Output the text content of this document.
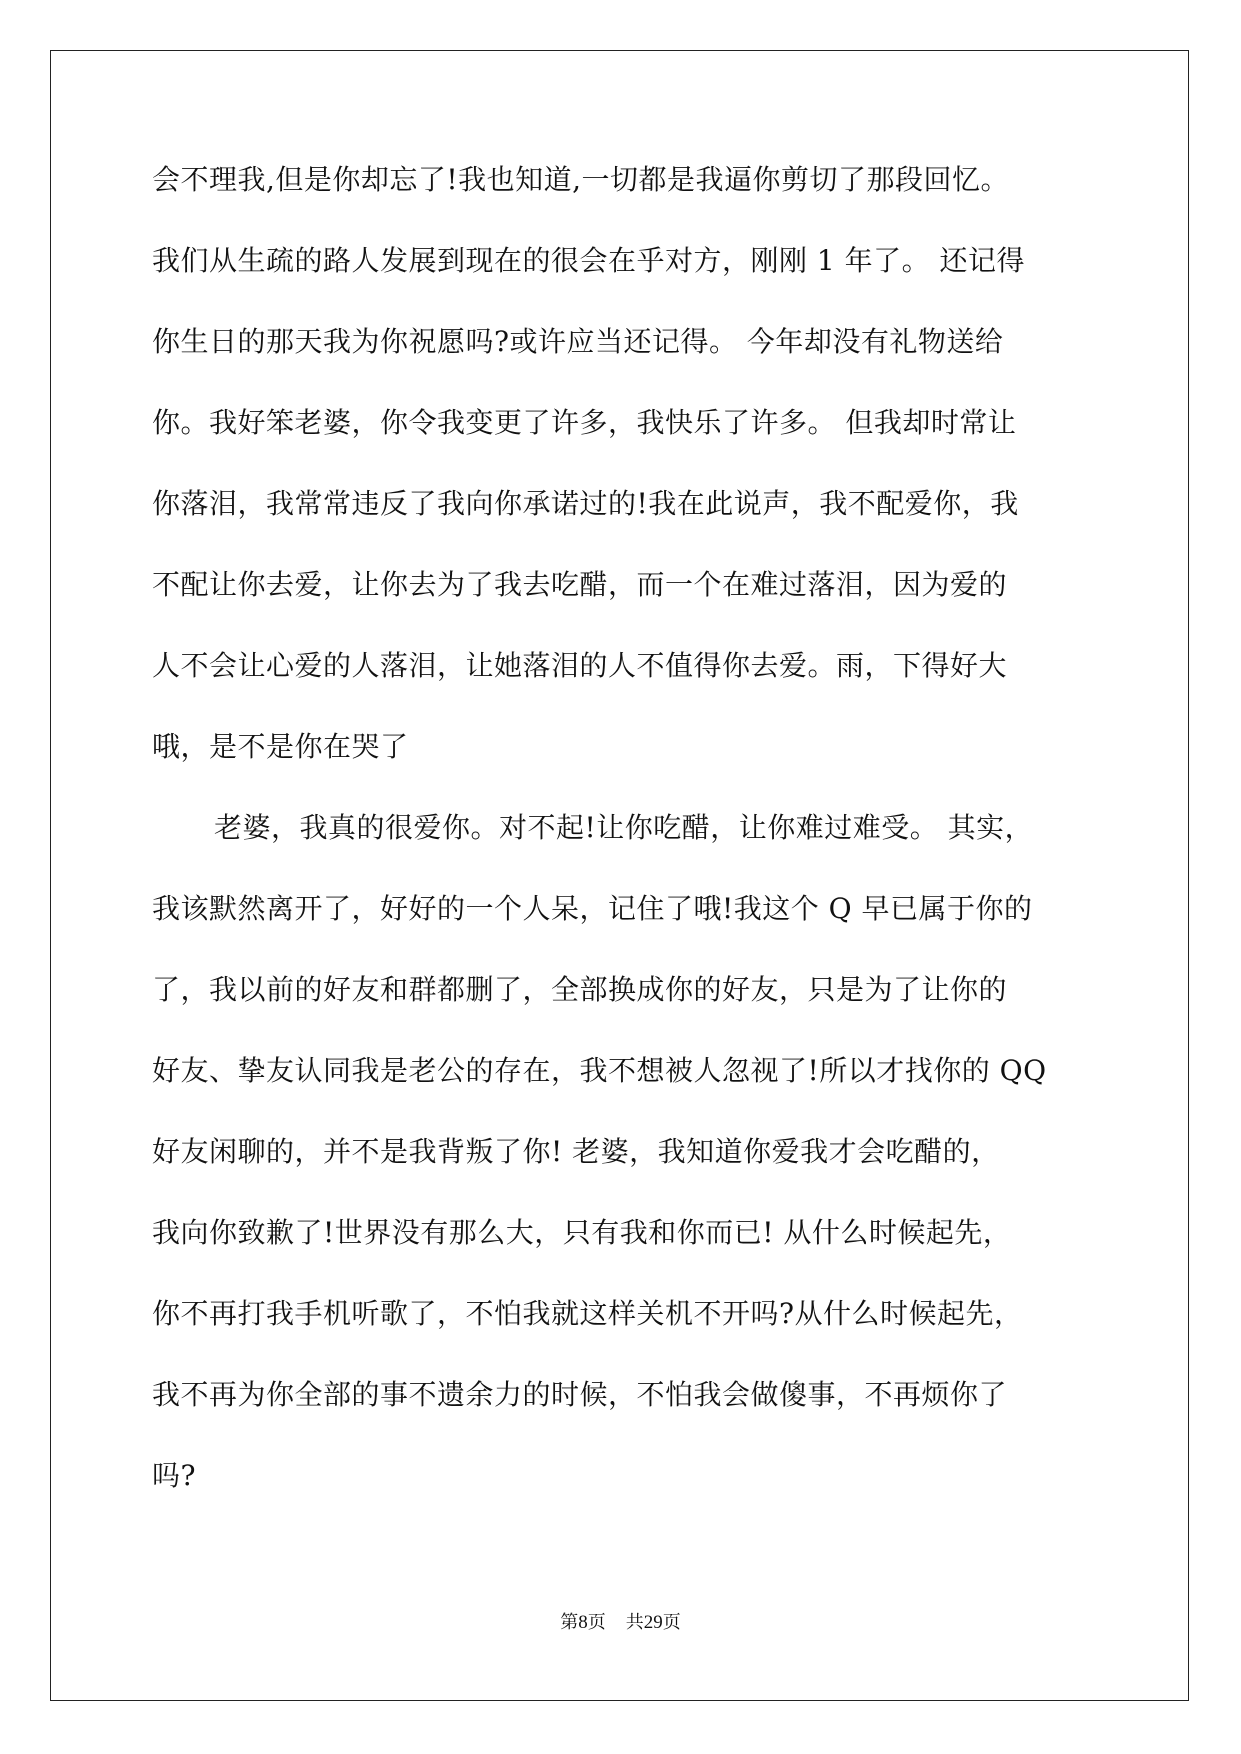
会不理我,但是你却忘了!我也知道,一切都是我逼你剪切了那段回忆。
我们从生疏的路人发展到现在的很会在乎对方，刚刚 1 年了。 还记得
你生日的那天我为你祝愿吗?或许应当还记得。 今年却没有礼物送给
你。我好笨老婆，你令我变更了许多，我快乐了许多。 但我却时常让
你落泪，我常常违反了我向你承诺过的!我在此说声，我不配爱你，我
不配让你去爱，让你去为了我去吃醋，而一个在难过落泪，因为爱的
人不会让心爱的人落泪，让她落泪的人不值得你去爱。雨，下得好大
哦，是不是你在哭了
老婆，我真的很爱你。对不起!让你吃醋，让你难过难受。 其实，
我该默然离开了，好好的一个人呆，记住了哦!我这个 Q 早已属于你的
了，我以前的好友和群都删了，全部换成你的好友，只是为了让你的
好友、挚友认同我是老公的存在，我不想被人忽视了!所以才找你的 QQ
好友闲聊的，并不是我背叛了你! 老婆，我知道你爱我才会吃醋的，
我向你致歉了!世界没有那么大，只有我和你而已! 从什么时候起先，
你不再打我手机听歌了，不怕我就这样关机不开吗?从什么时候起先，
我不再为你全部的事不遗余力的时候，不怕我会做傻事，不再烦你了
吗?
第8页 共29页
